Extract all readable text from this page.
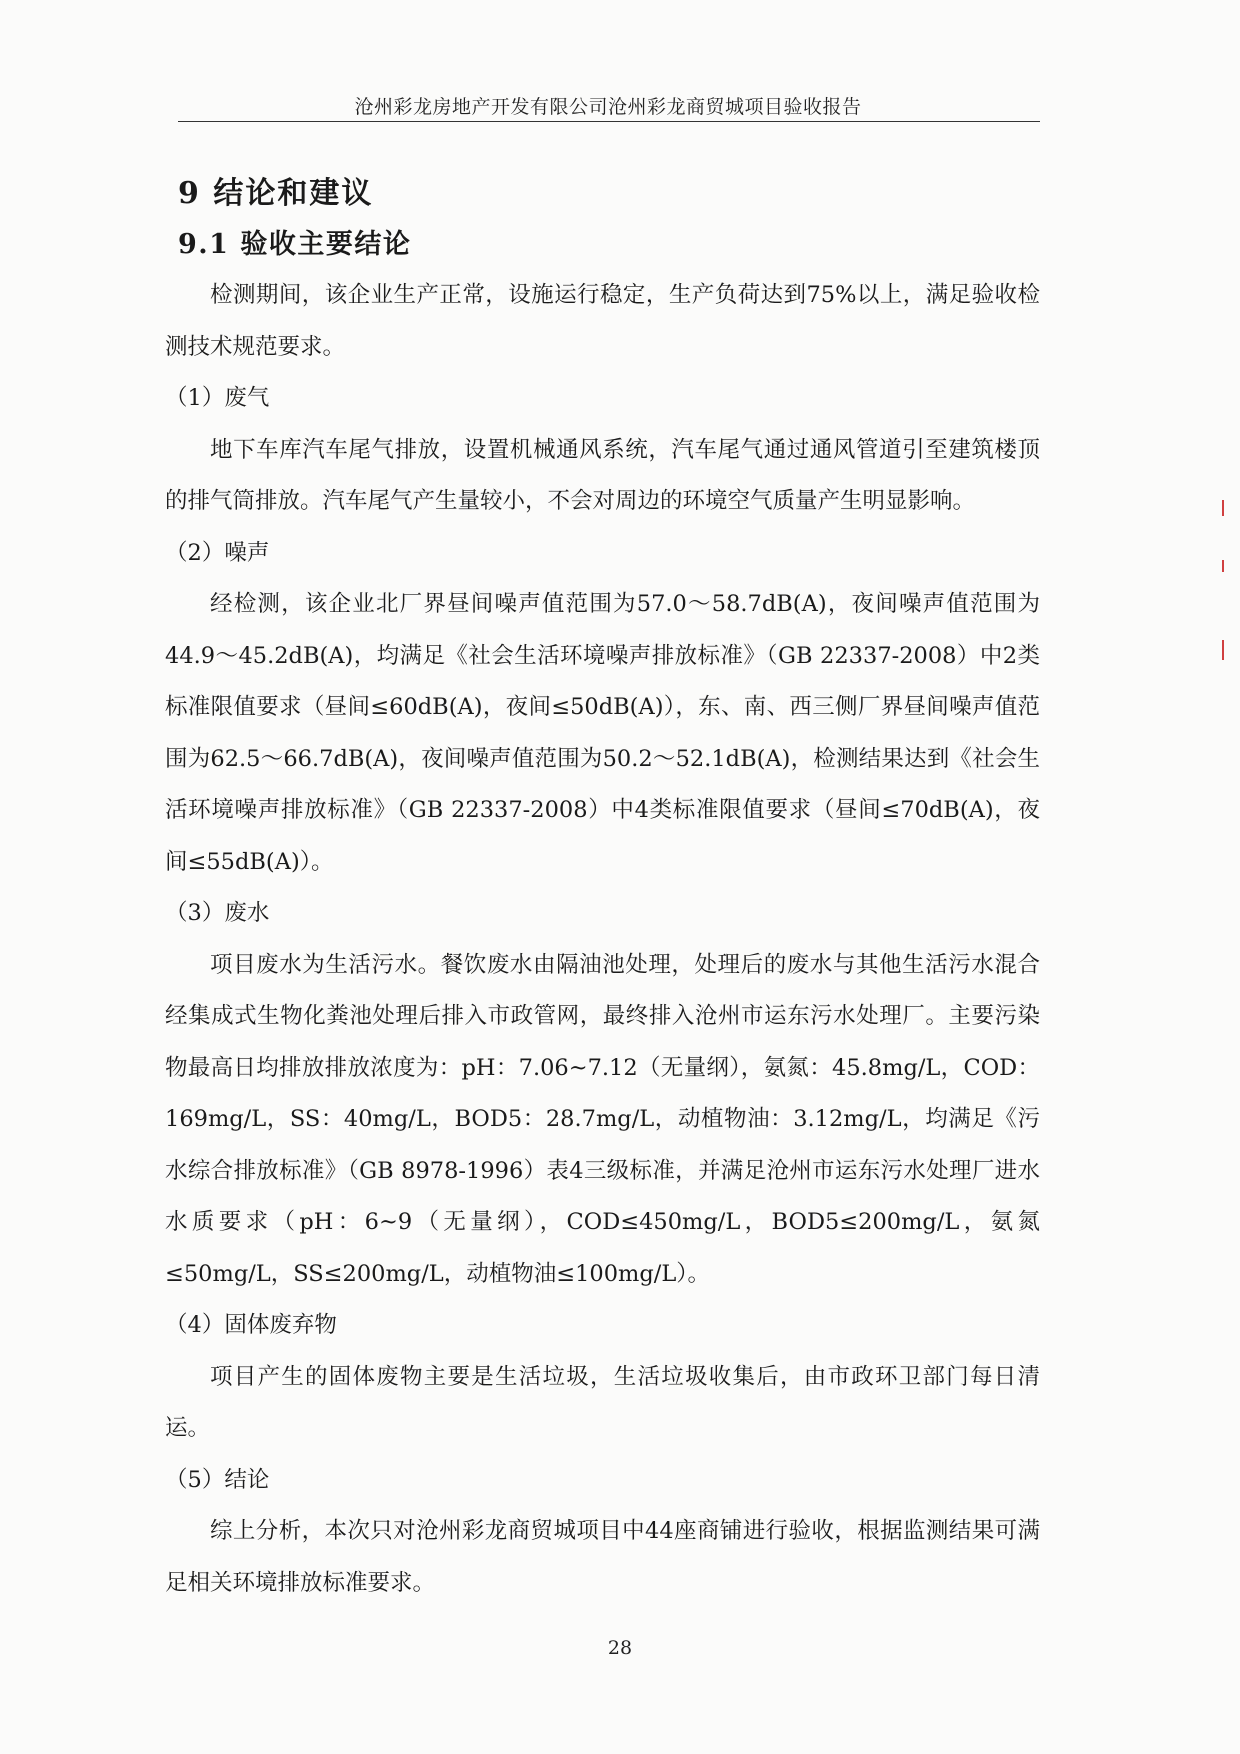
沧州彩龙房地产开发有限公司沧州彩龙商贸城项目验收报告
9 结论和建议
9.1 验收主要结论

检测期间，该企业生产正常，设施运行稳定，生产负荷达到75%以上，满足验收检测技术规范要求。

（1）废气

地下车库汽车尾气排放，设置机械通风系统，汽车尾气通过通风管道引至建筑楼顶的排气筒排放。汽车尾气产生量较小，不会对周边的环境空气质量产生明显影响。

（2）噪声

经检测，该企业北厂界昼间噪声值范围为57.0～58.7dB(A)，夜间噪声值范围为44.9～45.2dB(A)，均满足《社会生活环境噪声排放标准》（GB 22337-2008）中2类标准限值要求（昼间≤60dB(A)，夜间≤50dB(A)），东、南、西三侧厂界昼间噪声值范围为62.5～66.7dB(A)，夜间噪声值范围为50.2～52.1dB(A)，检测结果达到《社会生活环境噪声排放标准》（GB 22337-2008）中4类标准限值要求（昼间≤70dB(A)，夜间≤55dB(A)）。

（3）废水

项目废水为生活污水。餐饮废水由隔油池处理，处理后的废水与其他生活污水混合经集成式生物化粪池处理后排入市政管网，最终排入沧州市运东污水处理厂。主要污染物最高日均排放排放浓度为：pH：7.06~7.12（无量纲），氨氮：45.8mg/L，COD：169mg/L，SS：40mg/L，BOD5：28.7mg/L，动植物油：3.12mg/L，均满足《污水综合排放标准》（GB 8978-1996）表4三级标准，并满足沧州市运东污水处理厂进水水质要求（pH：6~9（无量纲），COD≤450mg/L，BOD5≤200mg/L，氨氮≤50mg/L，SS≤200mg/L，动植物油≤100mg/L）。

（4）固体废弃物

项目产生的固体废物主要是生活垃圾，生活垃圾收集后，由市政环卫部门每日清运。

（5）结论

综上分析，本次只对沧州彩龙商贸城项目中44座商铺进行验收，根据监测结果可满足相关环境排放标准要求。

28
